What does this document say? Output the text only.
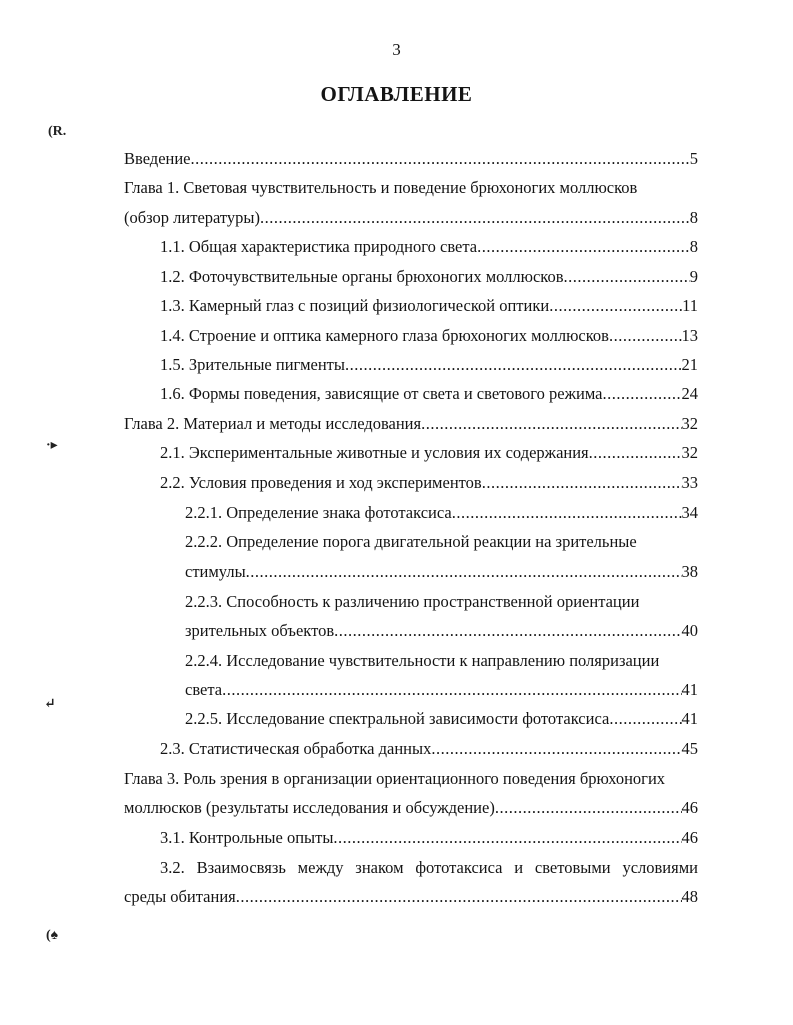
3
ОГЛАВЛЕНИЕ
(R.
·▸
↵
(♠
Введение .....	5
Глава 1. Световая чувствительность и поведение брюхоногих моллюсков
(обзор литературы) .....	8
1.1. Общая характеристика природного света .....	8
1.2. Фоточувствительные органы брюхоногих моллюсков .....	9
1.3. Камерный глаз с позиций физиологической оптики .....	11
1.4. Строение и оптика камерного глаза брюхоногих моллюсков .....	13
1.5. Зрительные пигменты .....	21
1.6. Формы поведения, зависящие от света и светового режима .....	24
Глава 2. Материал и методы исследования .....	32
2.1. Экспериментальные животные и условия их содержания .....	32
2.2. Условия проведения и ход экспериментов .....	33
2.2.1. Определение знака фототаксиса .....	34
2.2.2. Определение порога двигательной реакции на зрительные
стимулы .....	38
2.2.3. Способность к различению пространственной ориентации
зрительных объектов .....	40
2.2.4. Исследование чувствительности к направлению поляризации
света .....	41
2.2.5. Исследование спектральной зависимости фототаксиса .....	41
2.3. Статистическая обработка данных .....	45
Глава 3. Роль зрения в организации ориентационного поведения брюхоногих
моллюсков (результаты исследования и обсуждение) .....	46
3.1. Контрольные опыты .....	46
3.2. Взаимосвязь между знаком фототаксиса и световыми условиями
среды обитания .....	48
